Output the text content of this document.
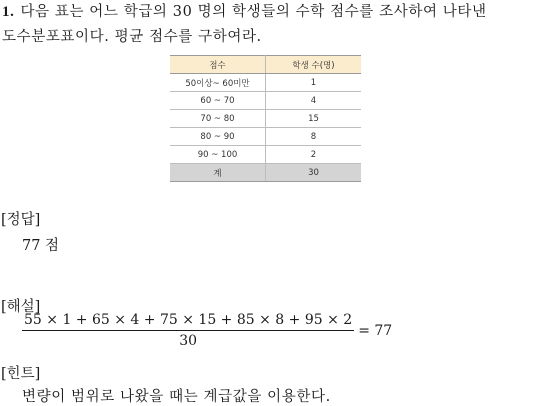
1. 다음 표는 어느 학급의 30 명의 학생들의 수학 점수를 조사하여 나타낸
도수분포표이다. 평균 점수를 구하여라.
점수	학생 수(명)
50이상~ 60미만	1
60 ~ 70	4
70 ~ 80	15
80 ~ 90	8
90 ~ 100	2
계	30
[정답]
77 점
[해설]
$\frac{55 \times 1 + 65 \times 4 + 75 \times 15 + 85 \times 8 + 95 \times 2}{30} = 77$
[힌트]
변량이 범위로 나왔을 때는 계급값을 이용한다.
